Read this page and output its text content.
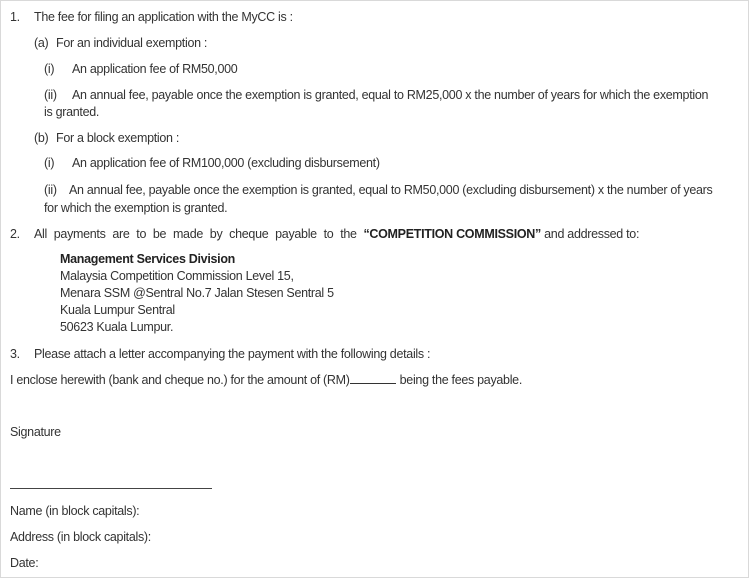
1. The fee for filing an application with the MyCC is :
(a) For an individual exemption :
(i) An application fee of RM50,000
(ii) An annual fee, payable once the exemption is granted, equal to RM25,000 x the number of years for which the exemption
is granted.
(b) For a block exemption :
(i) An application fee of RM100,000 (excluding disbursement)
(ii) An annual fee, payable once the exemption is granted, equal to RM50,000 (excluding disbursement) x the number of years
for which the exemption is granted.
2. All payments are to be made by cheque payable to the “COMPETITION COMMISSION” and addressed to:
Management Services Division
Malaysia Competition Commission Level 15,
Menara SSM @Sentral No.7 Jalan Stesen Sentral 5
Kuala Lumpur Sentral
50623 Kuala Lumpur.
3. Please attach a letter accompanying the payment with the following details :
I enclose herewith (bank and cheque no.) for the amount of (RM)	being the fees payable.
Signature
Name (in block capitals):
Address (in block capitals):
Date:
